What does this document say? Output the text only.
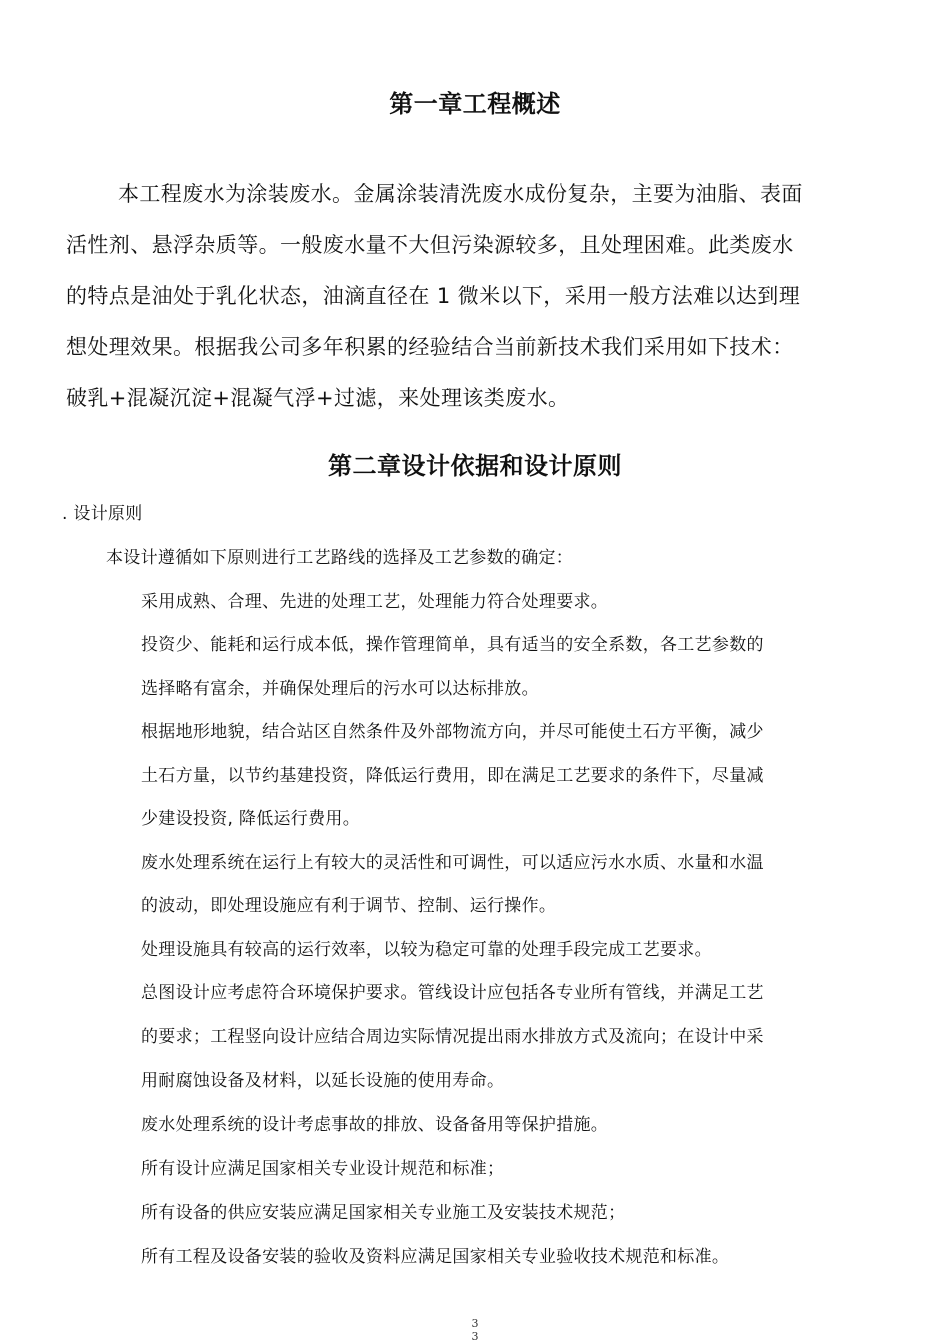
第一章工程概述
本工程废水为涂装废水。金属涂装清洗废水成份复杂，主要为油脂、表面
活性剂、悬浮杂质等。一般废水量不大但污染源较多，且处理困难。此类废水
的特点是油处于乳化状态，油滴直径在 1 微米以下，采用一般方法难以达到理
想处理效果。根据我公司多年积累的经验结合当前新技术我们采用如下技术：
破乳+混凝沉淀+混凝气浮+过滤，来处理该类废水。
第二章设计依据和设计原则
. 设计原则
本设计遵循如下原则进行工艺路线的选择及工艺参数的确定：
采用成熟、合理、先进的处理工艺，处理能力符合处理要求。
投资少、能耗和运行成本低，操作管理简单，具有适当的安全系数，各工艺参数的
选择略有富余，并确保处理后的污水可以达标排放。
根据地形地貌，结合站区自然条件及外部物流方向，并尽可能使土石方平衡，减少
土石方量，以节约基建投资，降低运行费用，即在满足工艺要求的条件下，尽量减
少建设投资, 降低运行费用。
废水处理系统在运行上有较大的灵活性和可调性，可以适应污水水质、水量和水温
的波动，即处理设施应有利于调节、控制、运行操作。
处理设施具有较高的运行效率，以较为稳定可靠的处理手段完成工艺要求。
总图设计应考虑符合环境保护要求。管线设计应包括各专业所有管线，并满足工艺
的要求；工程竖向设计应结合周边实际情况提出雨水排放方式及流向；在设计中采
用耐腐蚀设备及材料，以延长设施的使用寿命。
废水处理系统的设计考虑事故的排放、设备备用等保护措施。
所有设计应满足国家相关专业设计规范和标准；
所有设备的供应安装应满足国家相关专业施工及安装技术规范；
所有工程及设备安装的验收及资料应满足国家相关专业验收技术规范和标准。
3
3
